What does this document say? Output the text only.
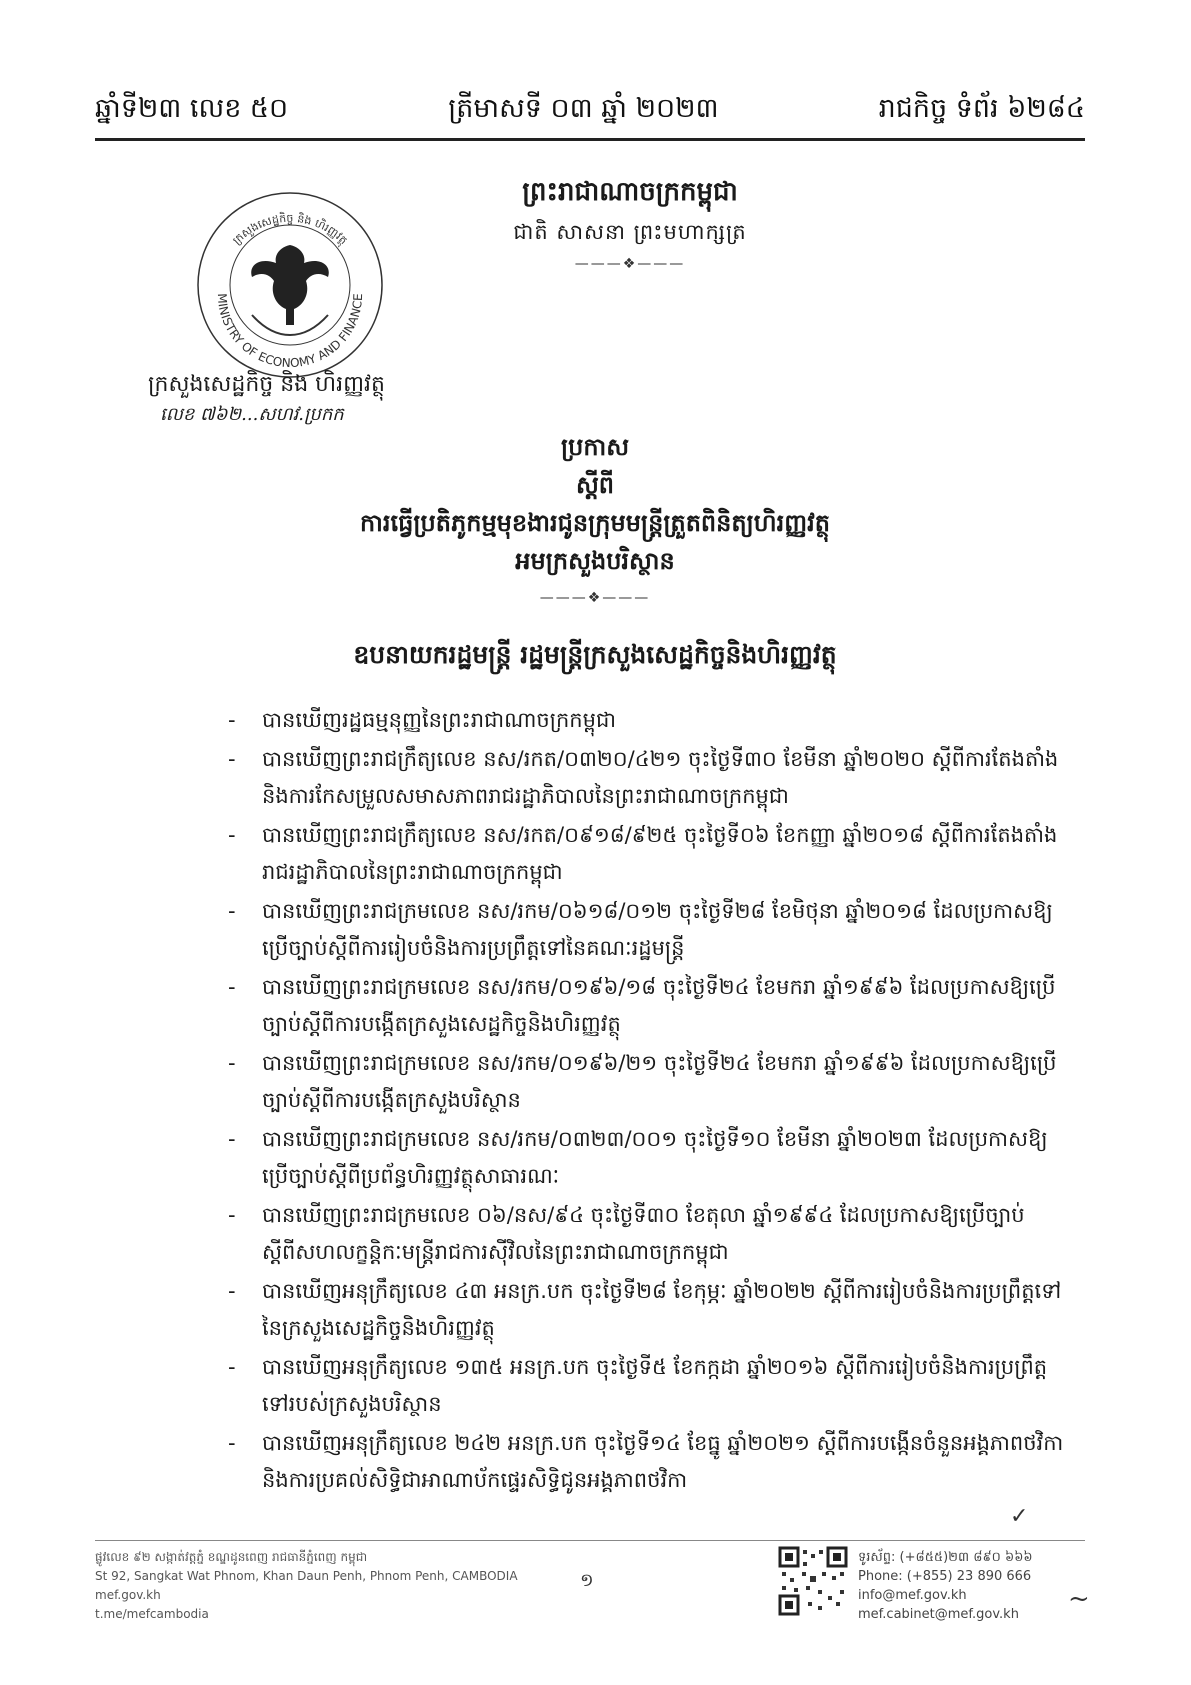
ឆ្នាំទី២៣ លេខ ៥០	ត្រីមាសទី ០៣ ឆ្នាំ ២០២៣	រាជកិច្ច ទំព័រ ៦២៨៤
ព្រះរាជាណាចក្រកម្ពុជា
ជាតិ សាសនា ព្រះមហាក្សត្រ
———❖———
MINISTRY OF ECONOMY AND FINANCE
ក្រសួងសេដ្ឋកិច្ច និង ហិរញ្ញវត្ថុ
ក្រសួងសេដ្ឋកិច្ច និង ហិរញ្ញវត្ថុ
លេខ ៧៦២...សហវ.ប្រកក
ប្រកាស
ស្តីពី
ការធ្វើប្រតិភូកម្មមុខងារជូនក្រុមមន្ត្រីត្រួតពិនិត្យហិរញ្ញវត្ថុ
អមក្រសួងបរិស្ថាន
———❖———
ឧបនាយករដ្ឋមន្ត្រី រដ្ឋមន្ត្រីក្រសួងសេដ្ឋកិច្ចនិងហិរញ្ញវត្ថុ
- បានឃើញរដ្ឋធម្មនុញ្ញនៃព្រះរាជាណាចក្រកម្ពុជា
- បានឃើញព្រះរាជក្រឹត្យលេខ នស/រកត/០៣២០/៤២១ ចុះថ្ងៃទី៣០ ខែមីនា ឆ្នាំ២០២០ ស្តីពីការតែងតាំងនិងការកែសម្រួលសមាសភាពរាជរដ្ឋាភិបាលនៃព្រះរាជាណាចក្រកម្ពុជា
- បានឃើញព្រះរាជក្រឹត្យលេខ នស/រកត/០៩១៨/៩២៥ ចុះថ្ងៃទី០៦ ខែកញ្ញា ឆ្នាំ២០១៨ ស្តីពីការតែងតាំងរាជរដ្ឋាភិបាលនៃព្រះរាជាណាចក្រកម្ពុជា
- បានឃើញព្រះរាជក្រមលេខ នស/រកម/០៦១៨/០១២ ចុះថ្ងៃទី២៨ ខែមិថុនា ឆ្នាំ២០១៨ ដែលប្រកាសឱ្យប្រើច្បាប់ស្តីពីការរៀបចំនិងការប្រព្រឹត្តទៅនៃគណៈរដ្ឋមន្ត្រី
- បានឃើញព្រះរាជក្រមលេខ នស/រកម/០១៩៦/១៨ ចុះថ្ងៃទី២៤ ខែមករា ឆ្នាំ១៩៩៦ ដែលប្រកាសឱ្យប្រើច្បាប់ស្តីពីការបង្កើតក្រសួងសេដ្ឋកិច្ចនិងហិរញ្ញវត្ថុ
- បានឃើញព្រះរាជក្រមលេខ នស/រកម/០១៩៦/២១ ចុះថ្ងៃទី២៤ ខែមករា ឆ្នាំ១៩៩៦ ដែលប្រកាសឱ្យប្រើច្បាប់ស្តីពីការបង្កើតក្រសួងបរិស្ថាន
- បានឃើញព្រះរាជក្រមលេខ នស/រកម/០៣២៣/០០១ ចុះថ្ងៃទី១០ ខែមីនា ឆ្នាំ២០២៣ ដែលប្រកាសឱ្យប្រើច្បាប់ស្តីពីប្រព័ន្ធហិរញ្ញវត្ថុសាធារណៈ
- បានឃើញព្រះរាជក្រមលេខ ០៦/នស/៩៤ ចុះថ្ងៃទី៣០ ខែតុលា ឆ្នាំ១៩៩៤ ដែលប្រកាសឱ្យប្រើច្បាប់ស្តីពីសហលក្ខន្តិកៈមន្ត្រីរាជការស៊ីវិលនៃព្រះរាជាណាចក្រកម្ពុជា
- បានឃើញអនុក្រឹត្យលេខ ៤៣ អនក្រ.បក ចុះថ្ងៃទី២៨ ខែកុម្ភៈ ឆ្នាំ២០២២ ស្តីពីការរៀបចំនិងការប្រព្រឹត្តទៅនៃក្រសួងសេដ្ឋកិច្ចនិងហិរញ្ញវត្ថុ
- បានឃើញអនុក្រឹត្យលេខ ១៣៥ អនក្រ.បក ចុះថ្ងៃទី៥ ខែកក្កដា ឆ្នាំ២០១៦ ស្តីពីការរៀបចំនិងការប្រព្រឹត្តទៅរបស់ក្រសួងបរិស្ថាន
- បានឃើញអនុក្រឹត្យលេខ ២៤២ អនក្រ.បក ចុះថ្ងៃទី១៤ ខែធ្នូ ឆ្នាំ២០២១ ស្តីពីការបង្កើនចំនួនអង្គភាពថវិកា និងការប្រគល់សិទ្ធិជាអាណាប័កផ្ទេរសិទ្ធិជូនអង្គភាពថវិកា
✓
ផ្លូវលេខ ៩២ សង្កាត់វត្តភ្នំ ខណ្ឌដូនពេញ រាជធានីភ្នំពេញ កម្ពុជា
St 92, Sangkat Wat Phnom, Khan Daun Penh, Phnom Penh, CAMBODIA
mef.gov.kh
t.me/mefcambodia
១
ទូរស័ព្ទ: (+៨៥៥)២៣ ៨៩០ ៦៦៦
Phone: (+855) 23 890 666
info@mef.gov.kh
mef.cabinet@mef.gov.kh
~
